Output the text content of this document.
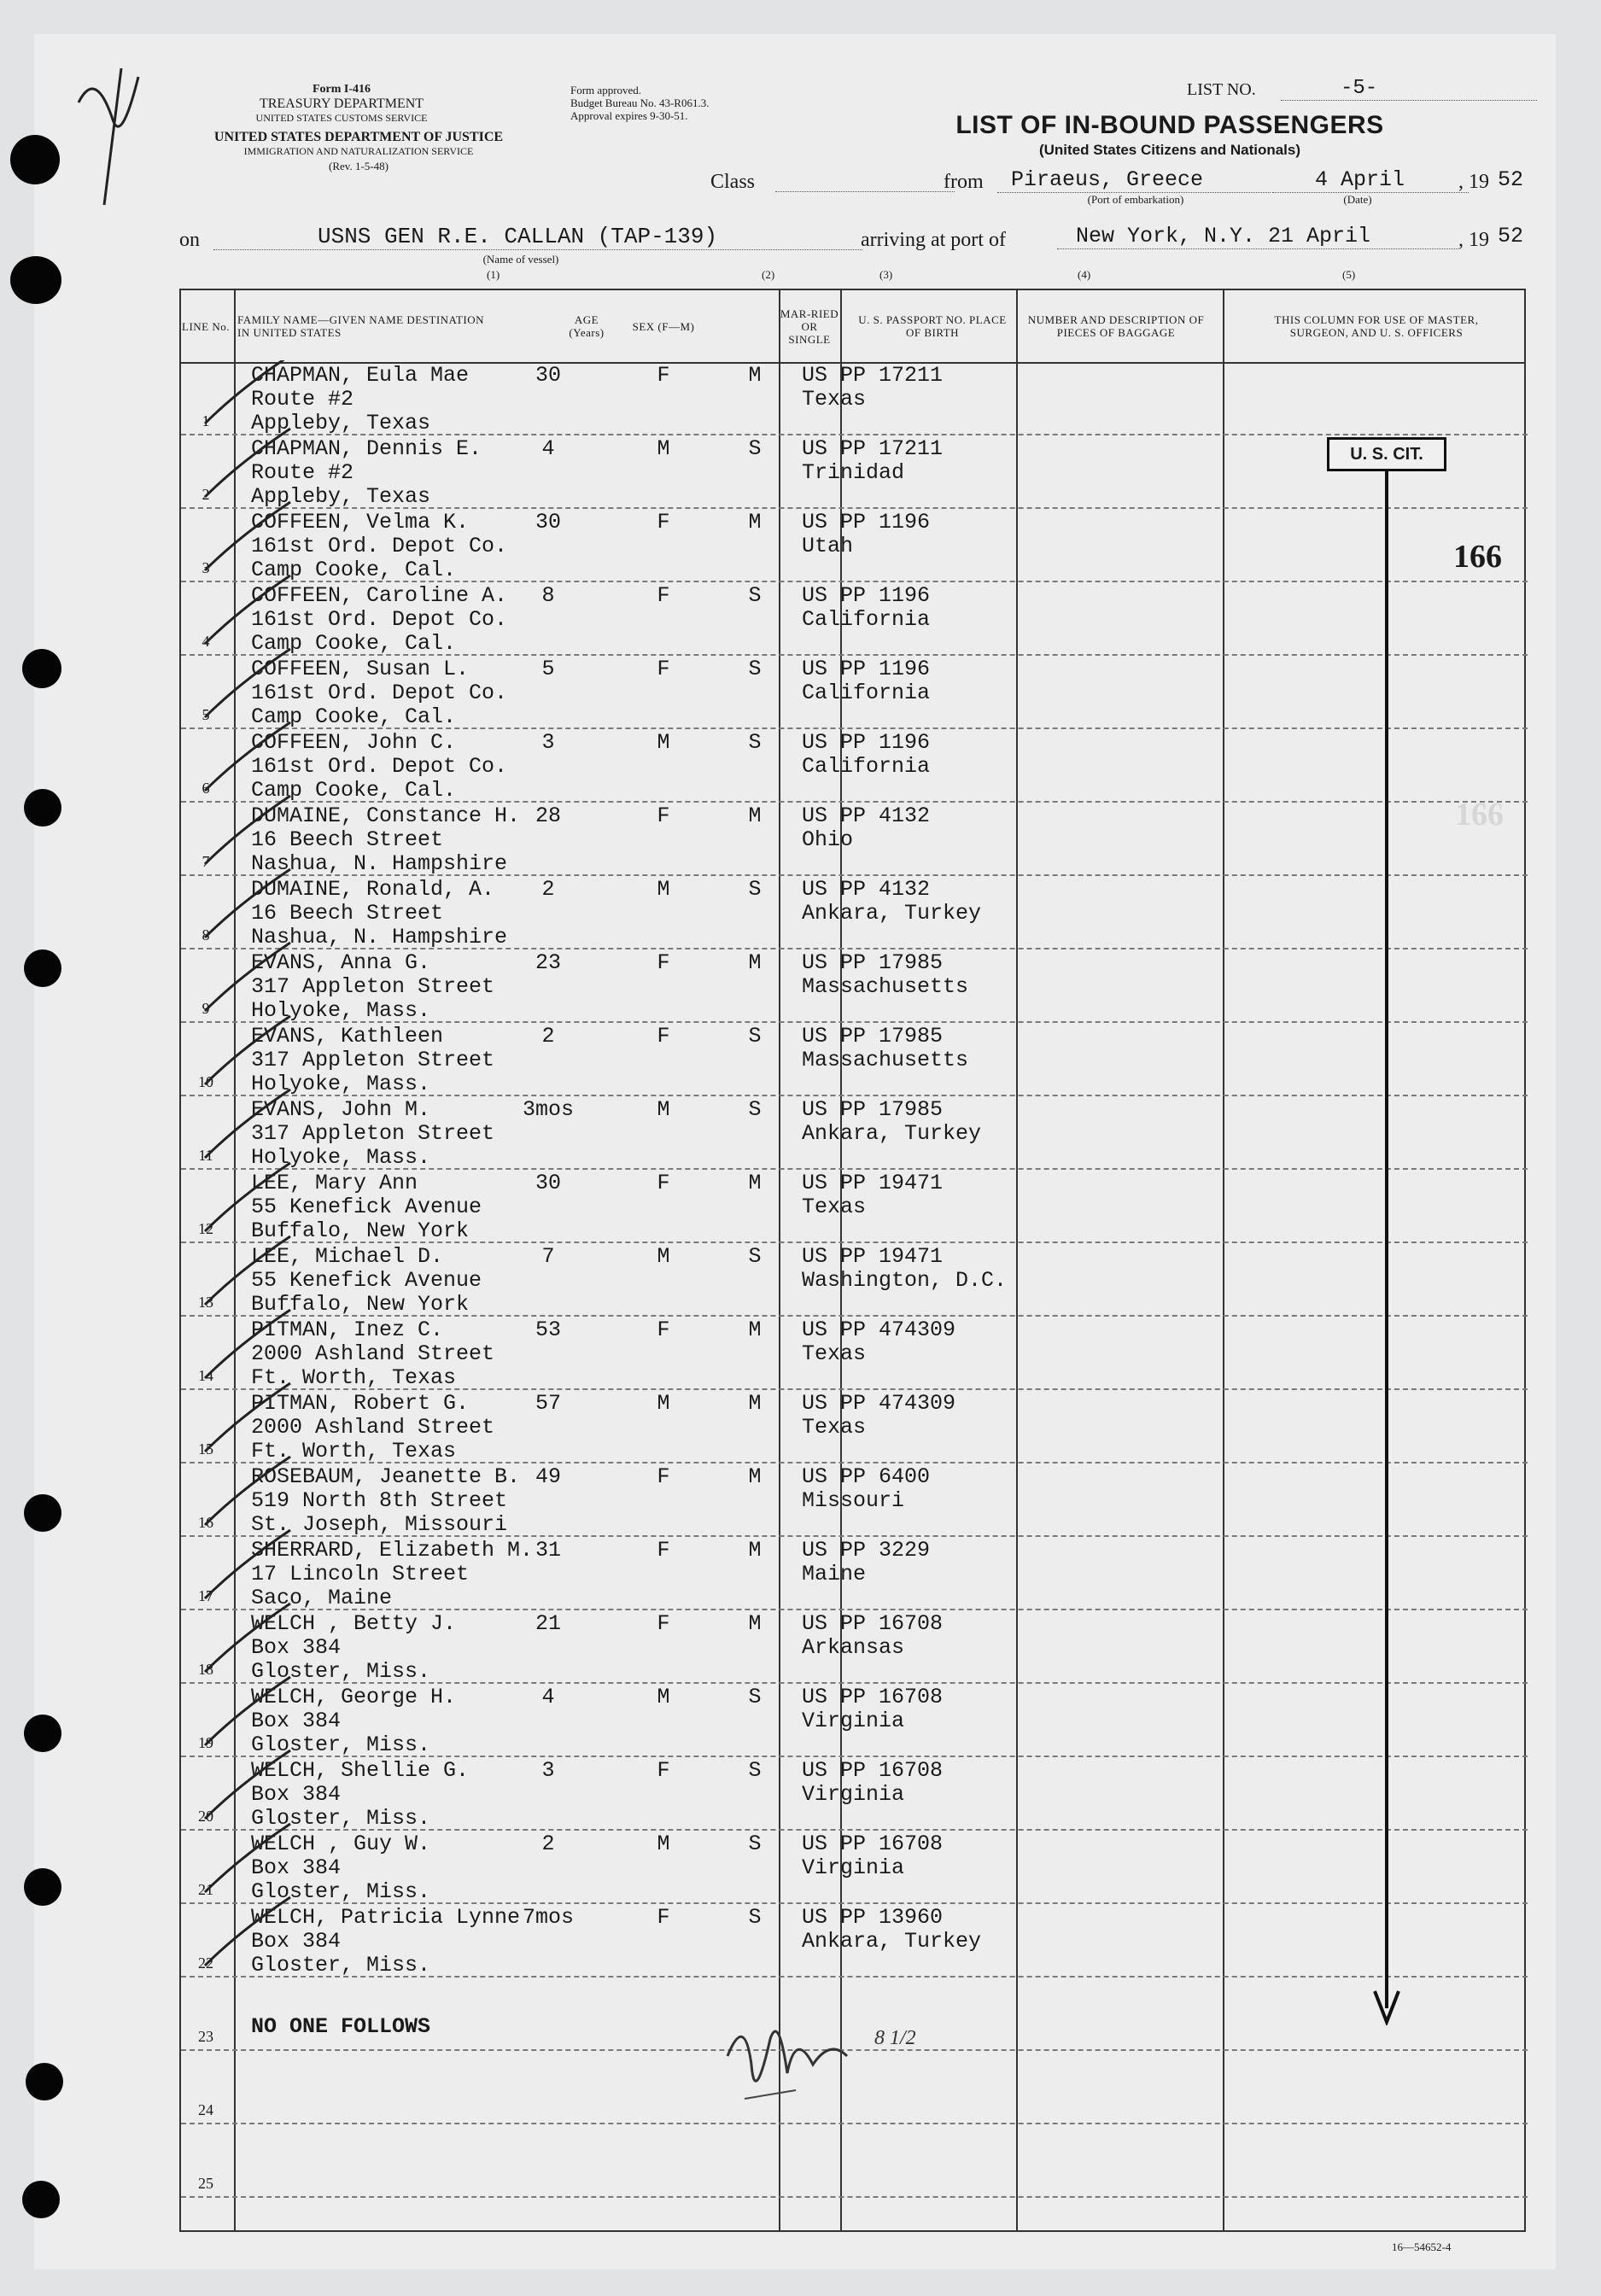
Form I-416
TREASURY DEPARTMENT
UNITED STATES CUSTOMS SERVICE
UNITED STATES DEPARTMENT OF JUSTICE
IMMIGRATION AND NATURALIZATION SERVICE
(Rev. 1-5-48)
Form approved.
Budget Bureau No. 43-R061.3.
Approval expires 9-30-51.
LIST NO.	-5-
LIST OF IN-BOUND PASSENGERS
(United States Citizens and Nationals)
Class	from	Piraeus, Greece
(Port of embarkation)
4 April
(Date)
, 19 52
on	USNS GEN R.E. CALLAN (TAP-139)
(Name of vessel)
arriving at port of	New York, N.Y. 21 April	, 19 52
(1)	(2)	(3)	(4)	(5)
LINE No. FAMILY NAME—GIVEN NAME DESTINATION IN UNITED STATES
AGE (Years)	SEX (F—M)
MAR-RIED OR SINGLE
U. S. PASSPORT NO. PLACE OF BIRTH
NUMBER AND DESCRIPTION OF PIECES OF BAGGAGE
THIS COLUMN FOR USE OF MASTER, SURGEON, AND U. S. OFFICERS
1
CHAPMAN, Eula Mae
Route #2
Appleby, Texas
30	F	M	US PP 17211
Texas
2
CHAPMAN, Dennis E.
Route #2
Appleby, Texas
4	M	S	US PP 17211
Trinidad
3
COFFEEN, Velma K.
161st Ord. Depot Co.
Camp Cooke, Cal.
30	F	M	US PP 1196
Utah
4
COFFEEN, Caroline A.
161st Ord. Depot Co.
Camp Cooke, Cal.
8	F	S	US PP 1196
California
5
COFFEEN, Susan L.
161st Ord. Depot Co.
Camp Cooke, Cal.
5	F	S	US PP 1196
California
6
COFFEEN, John C.
161st Ord. Depot Co.
Camp Cooke, Cal.
3	M	S	US PP 1196
California
7
DUMAINE, Constance H.
16 Beech Street
Nashua, N. Hampshire
28	F	M	US PP 4132
Ohio
8
DUMAINE, Ronald, A.
16 Beech Street
Nashua, N. Hampshire
2	M	S	US PP 4132
Ankara, Turkey
9
EVANS, Anna G.
317 Appleton Street
Holyoke, Mass.
23	F	M	US PP 17985
Massachusetts
10
EVANS, Kathleen
317 Appleton Street
Holyoke, Mass.
2	F	S	US PP 17985
Massachusetts
11
EVANS, John M.
317 Appleton Street
Holyoke, Mass.
3mos	M	S	US PP 17985
Ankara, Turkey
12
LEE, Mary Ann
55 Kenefick Avenue
Buffalo, New York
30	F	M	US PP 19471
Texas
13
LEE, Michael D.
55 Kenefick Avenue
Buffalo, New York
7	M	S	US PP 19471
Washington, D.C.
14
PITMAN, Inez C.
2000 Ashland Street
Ft. Worth, Texas
53	F	M	US PP 474309
Texas
15
PITMAN, Robert G.
2000 Ashland Street
Ft. Worth, Texas
57	M	M	US PP 474309
Texas
16
ROSEBAUM, Jeanette B.
519 North 8th Street
St. Joseph, Missouri
49	F	M	US PP 6400
Missouri
17
SHERRARD, Elizabeth M.
17 Lincoln Street
Saco, Maine
31	F	M	US PP 3229
Maine
18
WELCH , Betty J.
Box 384
Gloster, Miss.
21	F	M	US PP 16708
Arkansas
19
WELCH, George H.
Box 384
Gloster, Miss.
4	M	S	US PP 16708
Virginia
20
WELCH, Shellie G.
Box 384
Gloster, Miss.
3	F	S	US PP 16708
Virginia
21
WELCH , Guy W.
Box 384
Gloster, Miss.
2	M	S	US PP 16708
Virginia
22
WELCH, Patricia Lynne
Box 384
Gloster, Miss.
7mos	F	S	US PP 13960
Ankara, Turkey
23	NO ONE FOLLOWS
24
25
U. S. CIT.
166
166
8 1/2
16—54652-4
